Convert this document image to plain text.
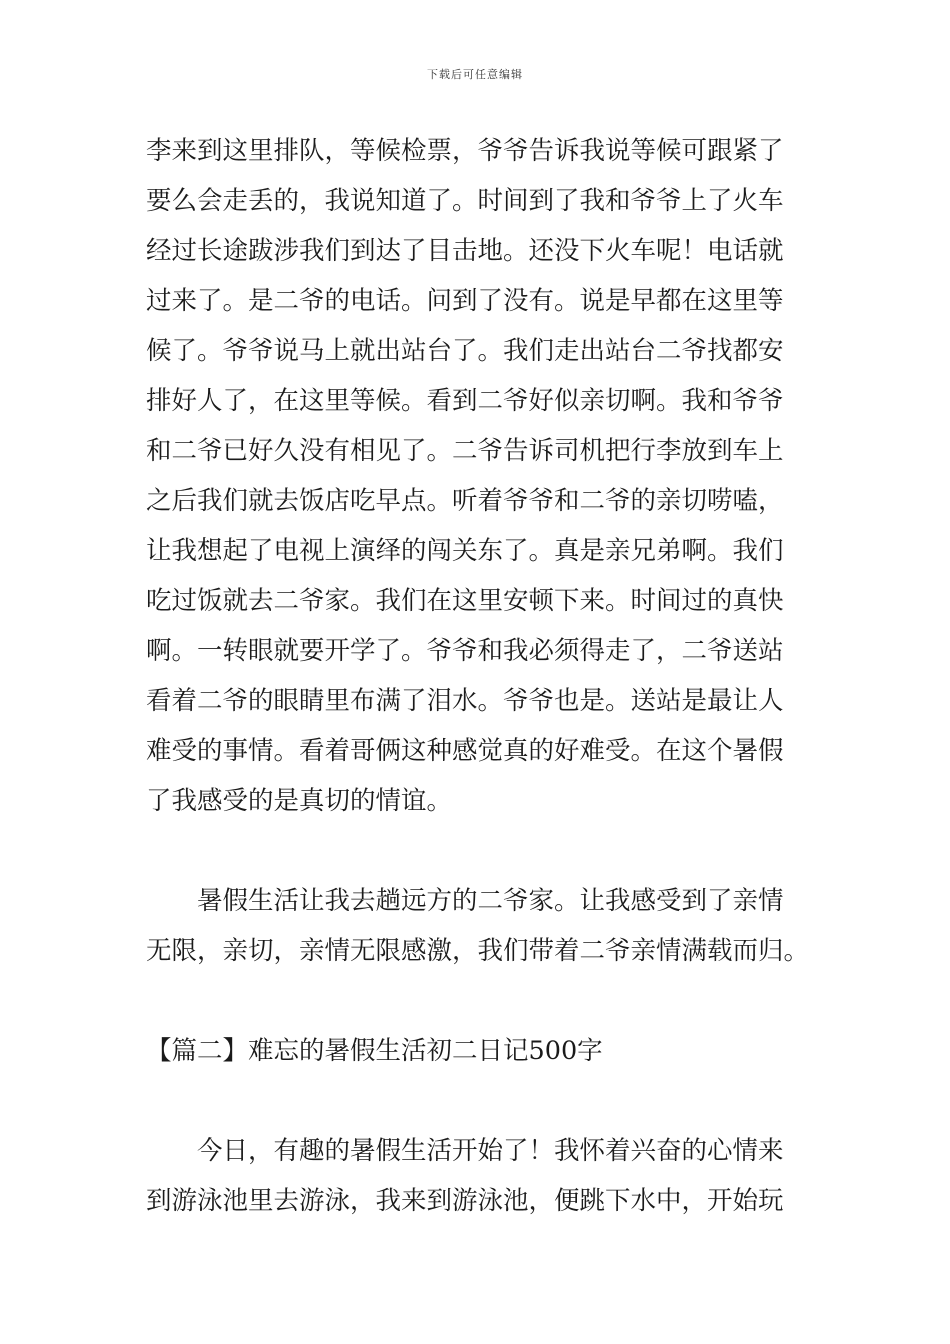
下载后可任意编辑
李来到这里排队，等候检票，爷爷告诉我说等候可跟紧了
要么会走丢的，我说知道了。时间到了我和爷爷上了火车
经过长途跋涉我们到达了目击地。还没下火车呢！电话就
过来了。是二爷的电话。问到了没有。说是早都在这里等
候了。爷爷说马上就出站台了。我们走出站台二爷找都安
排好人了，在这里等候。看到二爷好似亲切啊。我和爷爷
和二爷已好久没有相见了。二爷告诉司机把行李放到车上
之后我们就去饭店吃早点。听着爷爷和二爷的亲切唠嗑，
让我想起了电视上演绎的闯关东了。真是亲兄弟啊。我们
吃过饭就去二爷家。我们在这里安顿下来。时间过的真快
啊。一转眼就要开学了。爷爷和我必须得走了，二爷送站
看着二爷的眼睛里布满了泪水。爷爷也是。送站是最让人
难受的事情。看着哥俩这种感觉真的好难受。在这个暑假
了我感受的是真切的情谊。
　　暑假生活让我去趟远方的二爷家。让我感受到了亲情
无限，亲切，亲情无限感激，我们带着二爷亲情满载而归。
【篇二】难忘的暑假生活初二日记500字
　　今日，有趣的暑假生活开始了！我怀着兴奋的心情来
到游泳池里去游泳，我来到游泳池，便跳下水中，开始玩
